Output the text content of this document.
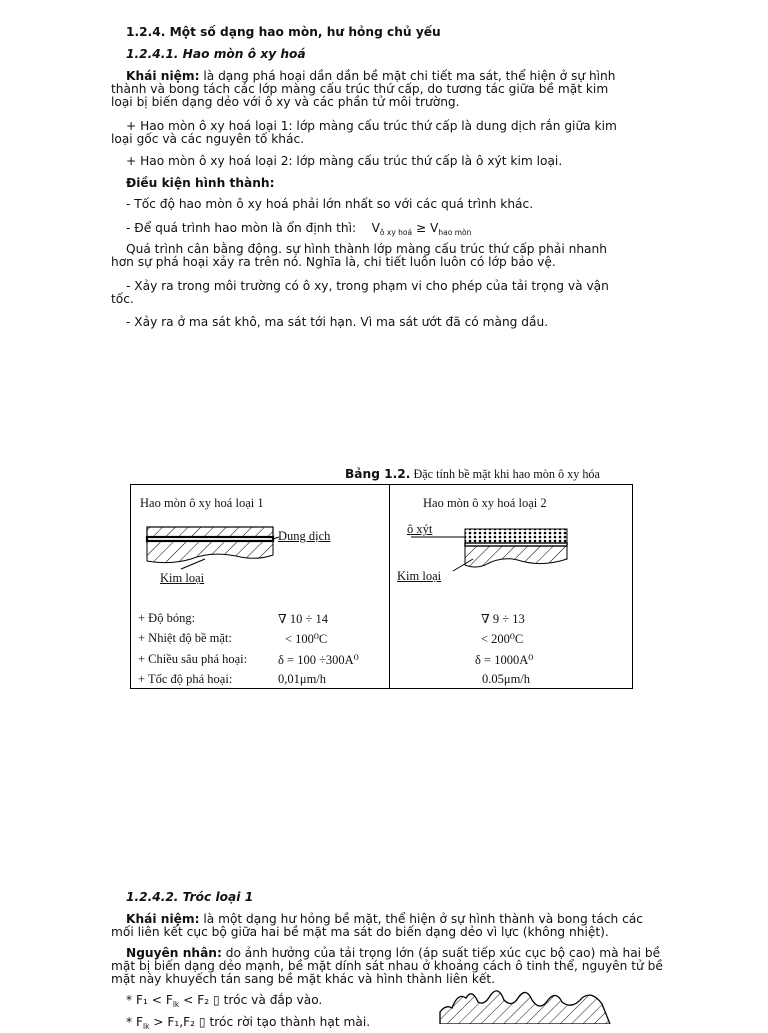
1.2.4. Một số dạng hao mòn, hư hỏng chủ yếu
1.2.4.1. Hao mòn ô xy hoá
Khái niệm: là dạng phá hoại dần dần bề mặt chi tiết ma sát, thể hiện ở sự hình
thành và bong tách các lớp màng cấu trúc thứ cấp, do tương tác giữa bề mặt kim
loại bị biến dạng dẻo với ô xy và các phần tử môi trường.
+ Hao mòn ô xy hoá loại 1: lớp màng cấu trúc thứ cấp là dung dịch rắn giữa kim
loại gốc và các nguyên tố khác.
+ Hao mòn ô xy hoá loại 2: lớp màng cấu trúc thứ cấp là ô xýt kim loại.
Điều kiện hình thành:
- Tốc độ hao mòn ô xy hoá phải lớn nhất so với các quá trình khác.
- Để quá trình hao mòn là ổn định thì: $V_{ô xy hoá} \ge V_{hao mòn}$
Quá trình cân bằng động. sự hình thành lớp màng cấu trúc thứ cấp phải nhanh
hơn sự phá hoại xảy ra trên nó. Nghĩa là, chi tiết luôn luôn có lớp bảo vệ.
- Xảy ra trong môi trường có ô xy, trong phạm vi cho phép của tải trọng và vận
tốc.
- Xảy ra ở ma sát khô, ma sát tới hạn. Vì ma sát ướt đã có màng dầu.
Bảng 1.2. Đặc tính bề mặt khi hao mòn ô xy hóa
Hao mòn ô xy hoá loại 1	Hao mòn ô xy hoá loại 2
Dung dịch
Kim loại
ô xýt
Kim loại
+ Độ bóng:	∇ 10 ÷ 14	∇ 9 ÷ 13
+ Nhiệt độ bề mặt:	< 100⁰C	< 200⁰C
+ Chiều sâu phá hoại: δ = 100 ÷300A⁰	δ = 1000A⁰
+ Tốc độ phá hoại:	0,01μm/h	0.05μm/h
1.2.4.2. Tróc loại 1
Khái niệm: là một dạng hư hỏng bề mặt, thể hiện ở sự hình thành và bong tách các
mối liên kết cục bộ giữa hai bề mặt ma sát do biến dạng dẻo vì lực (không nhiệt).
Nguyên nhân: do ảnh hưởng của tải trọng lớn (áp suất tiếp xúc cục bộ cao) mà hai bề
mặt bị biến dạng dẻo mạnh, bề mặt dính sát nhau ở khoảng cách ô tinh thể, nguyên tử bề
mặt này khuyếch tán sang bề mặt khác và hình thành liên kết.
* $F_1 < F_{lk} < F_2$ ▯ tróc và đắp vào.
* $F_{lk} > F_1,F_2$ ▯ tróc rời tạo thành hạt mài.
